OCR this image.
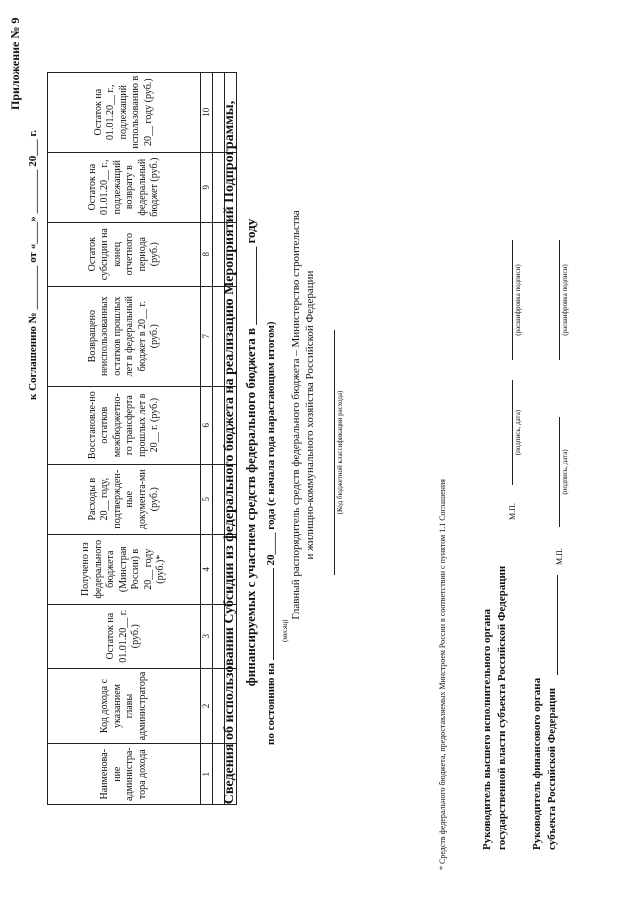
Приложение № 9
к Соглашению № ________ от «____» ________ 20___ г.
Наименова-ние администра-тора дохода	Код дохода с указанием главы администратора	Остаток на 01.01.20__ г. (руб.)	Получено из федерального бюджета (Минстрая России) в 20__ году (руб.)*	Расходы в 20__ году, подтвержден-ные документа-ми (руб.)	Восстановле-но остатков межбюджетно-го трансферта прошлых лет в 20__ г. (руб.)	Возвращено неиспользованных остатков прошлых лет в федеральный бюджет в 20__ г. (руб.)	Остаток субсидии на конец отчетного периода (руб.)	Остаток на 01.01.20__ г., подлежащий возврату в федеральный бюджет (руб.)	Остаток на 01.01.20__ г., подлежащий использованию в 20__ году (руб.)
1	2	3	4	5	6	7	8	9	10

									Сведения об использовании Субсидии из федерального бюджета на реализацию Мероприятий Подпрограммы, финансируемых с участием средств федерального бюджета в ____________ году
по состоянию на  20____ года (с начала года нарастающим итогом)
(месяц)
Главный распорядитель средств федерального бюджета – Министерство строительства и жилищно-коммунального хозяйства Российской Федерации	(Код бюджетной классификации расхода)
* Средств федерального бюджета, предоставляемых Минстроем России в соответствии с пунктом 1.1 Соглашения	Руководитель высшего исполнительного органа государственной власти субъекта Российской Федерации
М.П.
(подпись, дата)
(расшифровка подписи)
Руководитель финансового органа субъекта Российской Федерации
М.П.
(подпись, дата)
(расшифровка подписи)
